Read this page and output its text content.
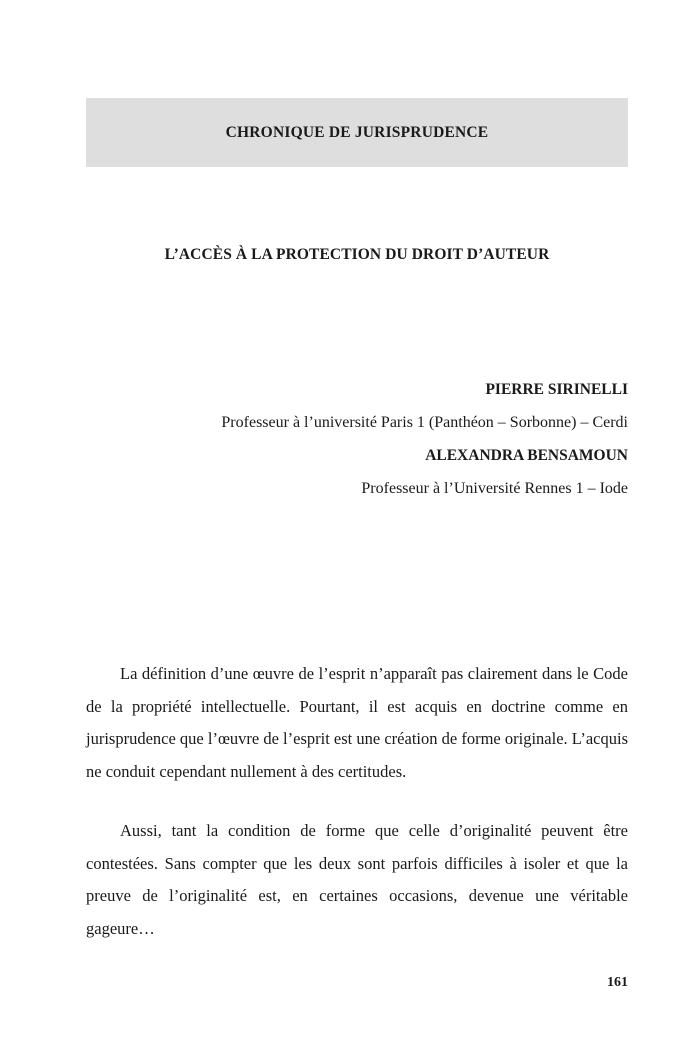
CHRONIQUE DE JURISPRUDENCE
L’ACCÈS À LA PROTECTION DU DROIT D’AUTEUR
PIERRE SIRINELLI
Professeur à l’université Paris 1 (Panthéon – Sorbonne) – Cerdi
ALEXANDRA BENSAMOUN
Professeur à l’Université Rennes 1 – Iode

La définition d’une œuvre de l’esprit n’apparaît pas clairement dans le Code de la propriété intellectuelle. Pourtant, il est acquis en doctrine comme en jurisprudence que l’œuvre de l’esprit est une création de forme originale. L’acquis ne conduit cependant nullement à des certitudes.

Aussi, tant la condition de forme que celle d’originalité peuvent être contestées. Sans compter que les deux sont parfois difficiles à isoler et que la preuve de l’originalité est, en certaines occasions, devenue une véritable gageure…

161
